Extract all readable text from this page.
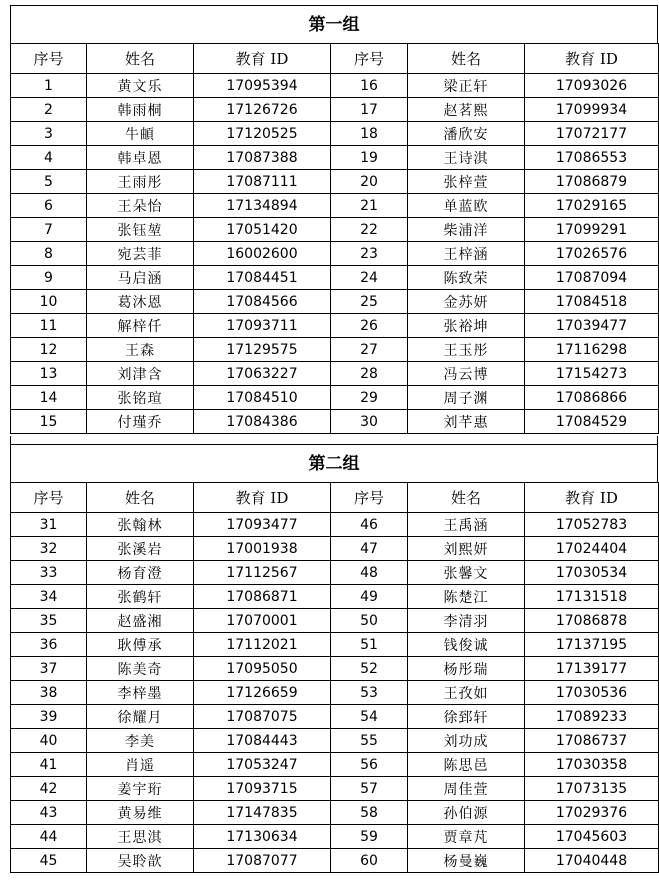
第一组
序号	姓名	教育 ID	序号	姓名	教育 ID
1	黄文乐	17095394	16	梁正轩	17093026
2	韩雨桐	17126726	17	赵茗熙	17099934
3	牛頔	17120525	18	潘欣安	17072177
4	韩卓恩	17087388	19	王诗淇	17086553
5	王雨彤	17087111	20	张梓萱	17086879
6	王朵怡	17134894	21	单蓝欧	17029165
7	张钰堃	17051420	22	柴浦洋	17099291
8	宛芸菲	16002600	23	王梓涵	17026576
9	马启涵	17084451	24	陈致荣	17087094
10	葛沐恩	17084566	25	金苏妍	17084518
11	解梓仟	17093711	26	张裕坤	17039477
12	王森	17129575	27	王玉彤	17116298
13	刘津含	17063227	28	冯云博	17154273
14	张铭瑄	17084510	29	周子渊	17086866
15	付瑾乔	17084386	30	刘芊惠	17084529
第二组
序号	姓名	教育 ID	序号	姓名	教育 ID
31	张翰林	17093477	46	王禹涵	17052783
32	张溪岩	17001938	47	刘熙妍	17024404
33	杨育澄	17112567	48	张馨文	17030534
34	张鹤轩	17086871	49	陈楚江	17131518
35	赵盛湘	17070001	50	李清羽	17086878
36	耿傅承	17112021	51	钱俊诚	17137195
37	陈美奇	17095050	52	杨彤瑞	17139177
38	李梓墨	17126659	53	王孜如	17030536
39	徐耀月	17087075	54	徐郅轩	17089233
40	李美	17084443	55	刘功成	17086737
41	肖遥	17053247	56	陈思邑	17030358
42	姜宇珩	17093715	57	周佳萱	17073135
43	黄易维	17147835	58	孙伯源	17029376
44	王思淇	17130634	59	贾章芃	17045603
45	吴聆歆	17087077	60	杨曼巍	17040448
